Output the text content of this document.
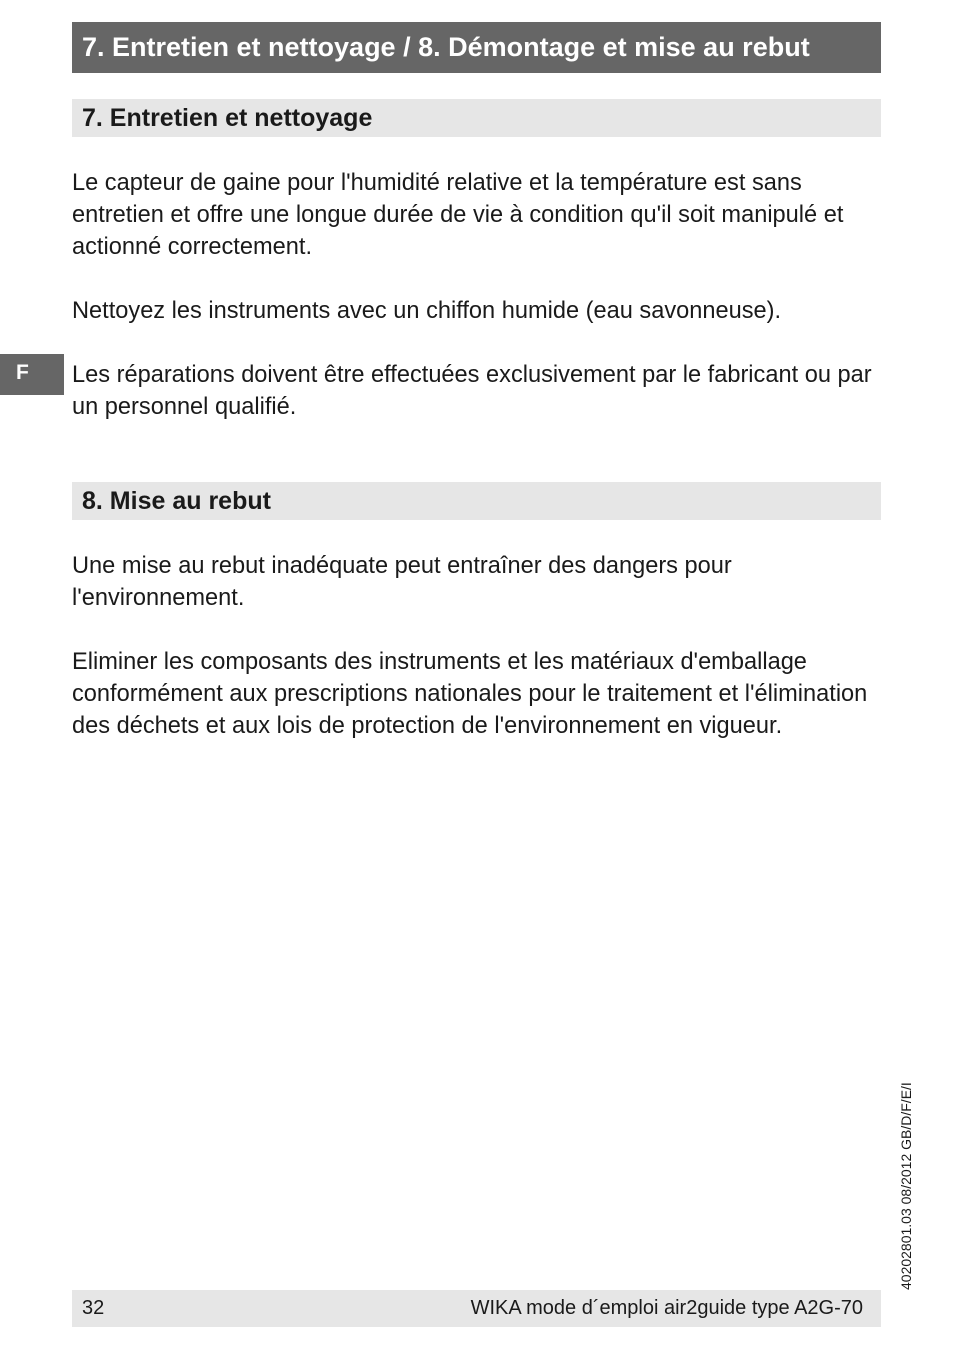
7. Entretien et nettoyage / 8. Démontage et mise au rebut
7. Entretien et nettoyage

Le capteur de gaine pour l'humidité relative et la température est sans entretien et offre une longue durée de vie à condition qu'il soit manipulé et actionné correctement.

Nettoyez les instruments avec un chiffon humide (eau savonneuse).

Les réparations doivent être effectuées exclusivement par le fabricant ou par un personnel qualifié.

F
8. Mise au rebut

Une mise au rebut inadéquate peut entraîner des dangers pour l'environnement.

Eliminer les composants des instruments et les matériaux d'emballage conformément aux prescriptions nationales pour le traitement et l'élimination des déchets et aux lois de protection de l'environnement en vigueur.

40202801.03 08/2012 GB/D/F/E/I
32	WIKA mode d´emploi air2guide type A2G-70
